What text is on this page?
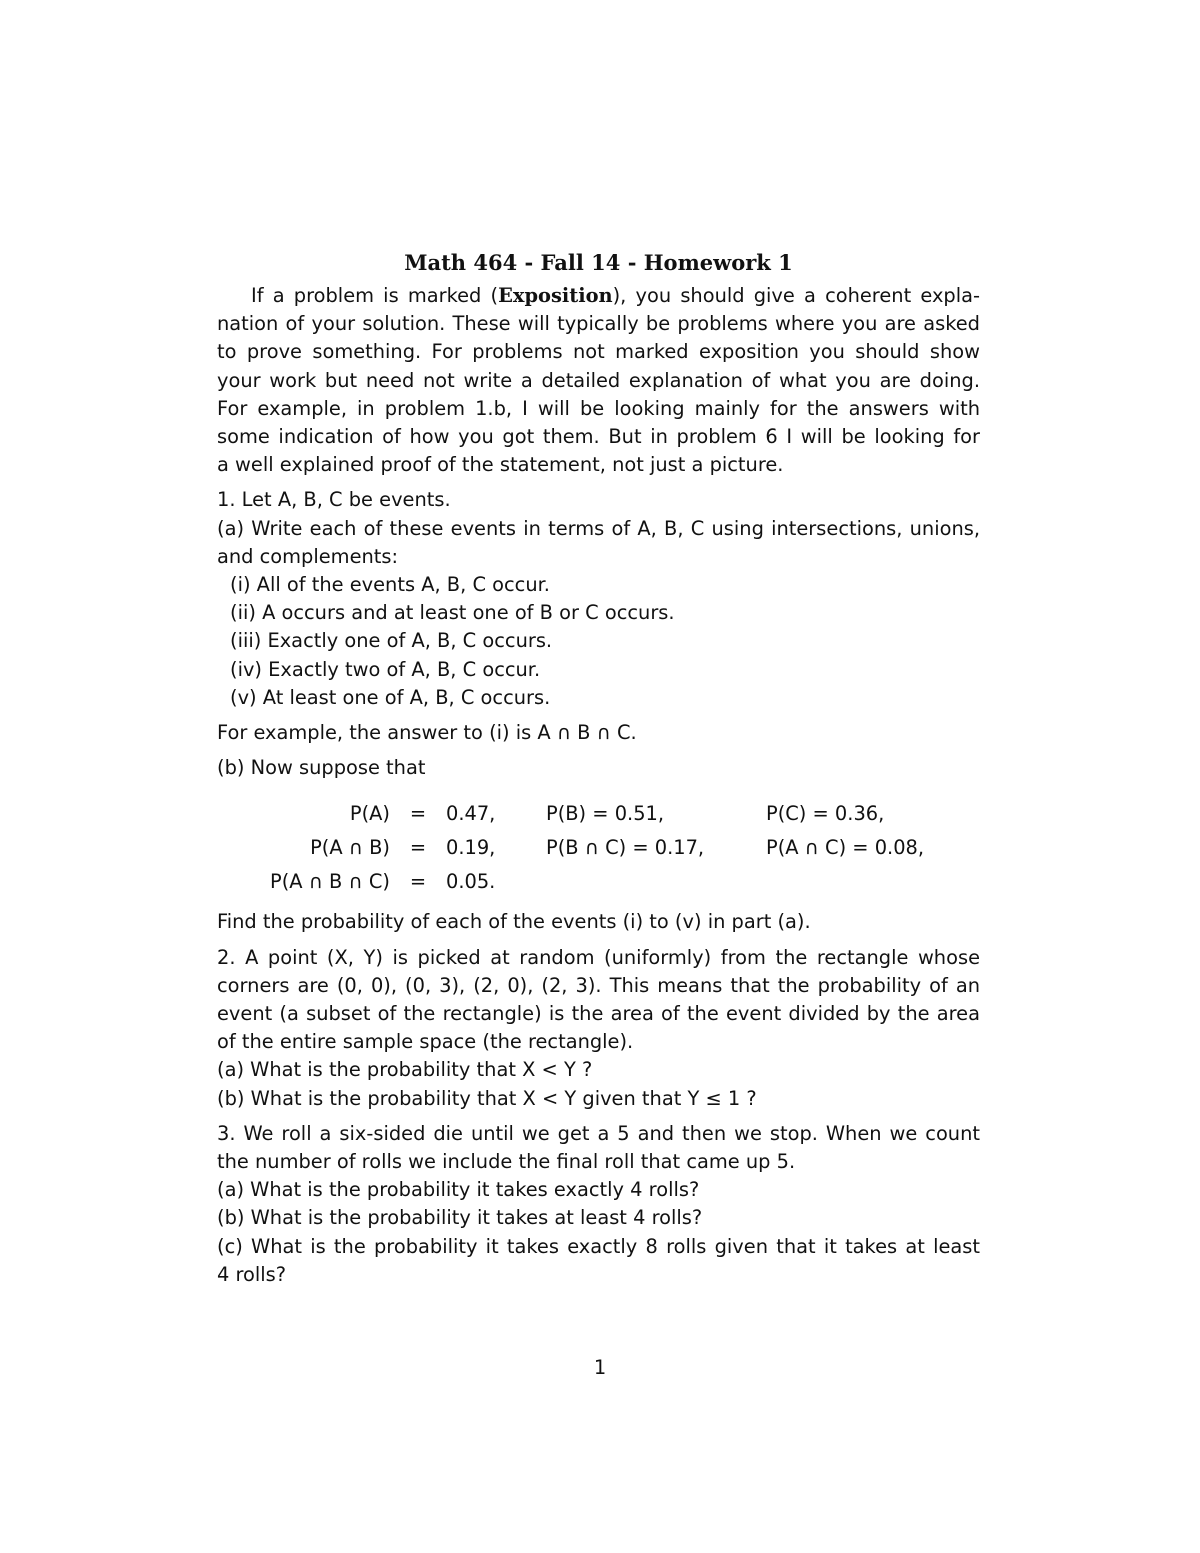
Math 464 - Fall 14 - Homework 1
If a problem is marked (Exposition), you should give a coherent expla-
nation of your solution. These will typically be problems where you are asked
to prove something. For problems not marked exposition you should show
your work but need not write a detailed explanation of what you are doing.
For example, in problem 1.b, I will be looking mainly for the answers with
some indication of how you got them. But in problem 6 I will be looking for
a well explained proof of the statement, not just a picture.
1. Let A, B, C be events.
(a) Write each of these events in terms of A, B, C using intersections, unions,
and complements:
(i) All of the events A, B, C occur.
(ii) A occurs and at least one of B or C occurs.
(iii) Exactly one of A, B, C occurs.
(iv) Exactly two of A, B, C occur.
(v) At least one of A, B, C occurs.
For example, the answer to (i) is A ∩ B ∩ C.
(b) Now suppose that
P(A)	=	0.47,	P(B) = 0.51,	P(C) = 0.36,
P(A ∩ B)	=	0.19,	P(B ∩ C) = 0.17,	P(A ∩ C) = 0.08,
P(A ∩ B ∩ C)	=	0.05.		
Find the probability of each of the events (i) to (v) in part (a).
2. A point (X, Y) is picked at random (uniformly) from the rectangle whose
corners are (0, 0), (0, 3), (2, 0), (2, 3). This means that the probability of an
event (a subset of the rectangle) is the area of the event divided by the area
of the entire sample space (the rectangle).
(a) What is the probability that X < Y ?
(b) What is the probability that X < Y given that Y ≤ 1 ?
3. We roll a six-sided die until we get a 5 and then we stop. When we count
the number of rolls we include the final roll that came up 5.
(a) What is the probability it takes exactly 4 rolls?
(b) What is the probability it takes at least 4 rolls?
(c) What is the probability it takes exactly 8 rolls given that it takes at least
4 rolls?
1
